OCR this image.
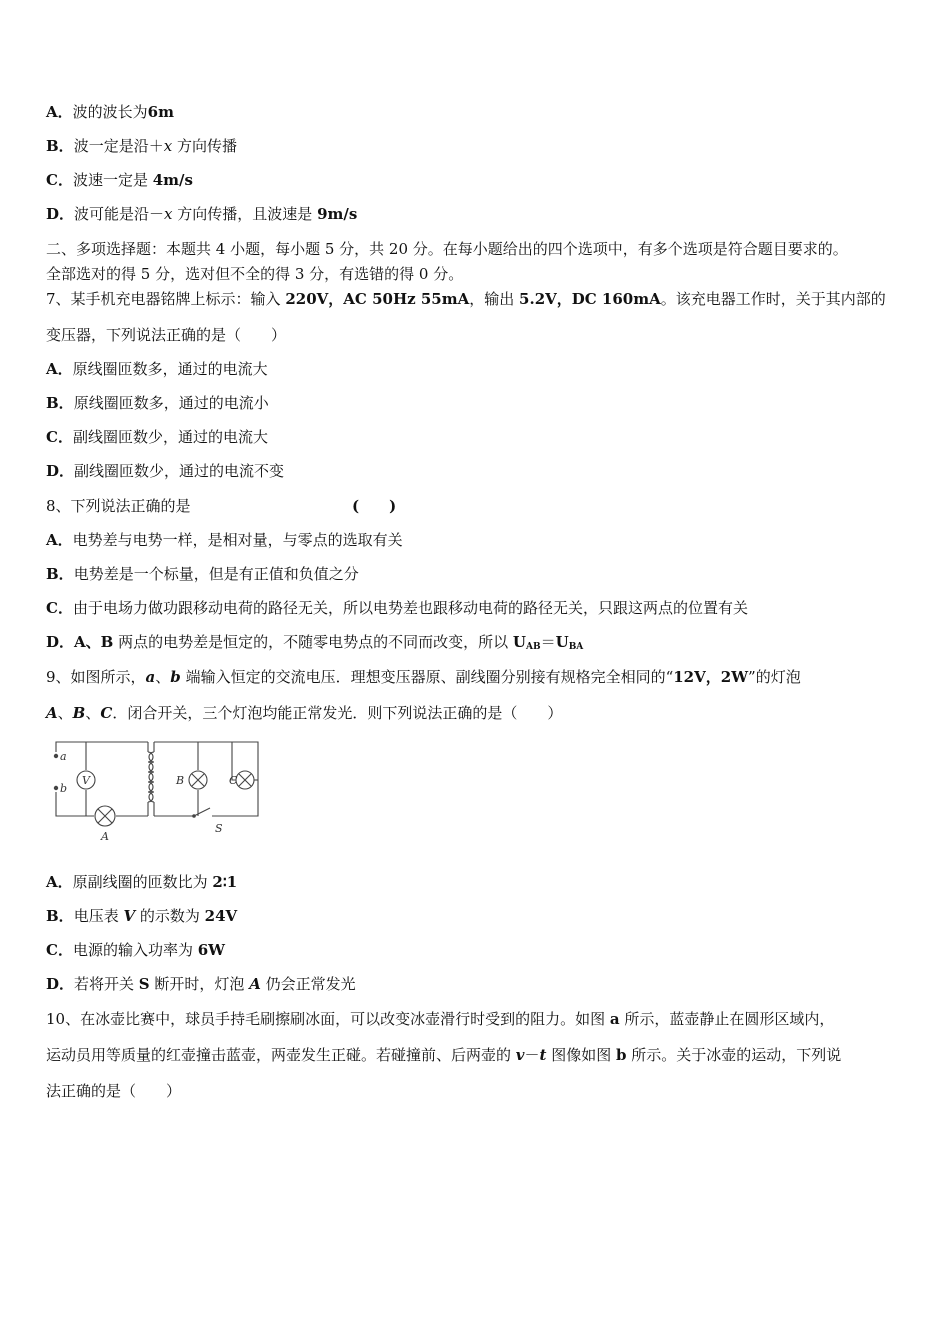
A．波的波长为6m
B．波一定是沿＋x 方向传播
C．波速一定是 4m/s
D．波可能是沿－x 方向传播，且波速是 9m/s
二、多项选择题：本题共 4 小题，每小题 5 分，共 20 分。在每小题给出的四个选项中，有多个选项是符合题目要求的。
全部选对的得 5 分，选对但不全的得 3 分，有选错的得 0 分。
7、某手机充电器铭牌上标示：输入 220V，AC 50Hz 55mA，输出 5.2V，DC 160mA。该充电器工作时，关于其内部的
变压器，下列说法正确的是（　　）
A．原线圈匝数多，通过的电流大
B．原线圈匝数多，通过的电流小
C．副线圈匝数少，通过的电流大
D．副线圈匝数少，通过的电流不变
8、下列说法正确的是	(　　)
A．电势差与电势一样，是相对量，与零点的选取有关
B．电势差是一个标量，但是有正值和负值之分
C．由于电场力做功跟移动电荷的路径无关，所以电势差也跟移动电荷的路径无关，只跟这两点的位置有关
D．A、B 两点的电势差是恒定的，不随零电势点的不同而改变，所以 $U_{AB}=U_{BA}$
9、如图所示，a、b 端输入恒定的交流电压．理想变压器原、副线圈分别接有规格完全相同的“12V，2W”的灯泡
A、B、C．闭合开关，三个灯泡均能正常发光．则下列说法正确的是（　　）
a
b
V
A
B	C
S
A．原副线圈的匝数比为 2∶1
B．电压表 V 的示数为 24V
C．电源的输入功率为 6W
D．若将开关 S 断开时，灯泡 A 仍会正常发光
10、在冰壶比赛中，球员手持毛刷擦刷冰面，可以改变冰壶滑行时受到的阻力。如图 a 所示，蓝壶静止在圆形区域内，
运动员用等质量的红壶撞击蓝壶，两壶发生正碰。若碰撞前、后两壶的 v－t 图像如图 b 所示。关于冰壶的运动，下列说
法正确的是（　　）
